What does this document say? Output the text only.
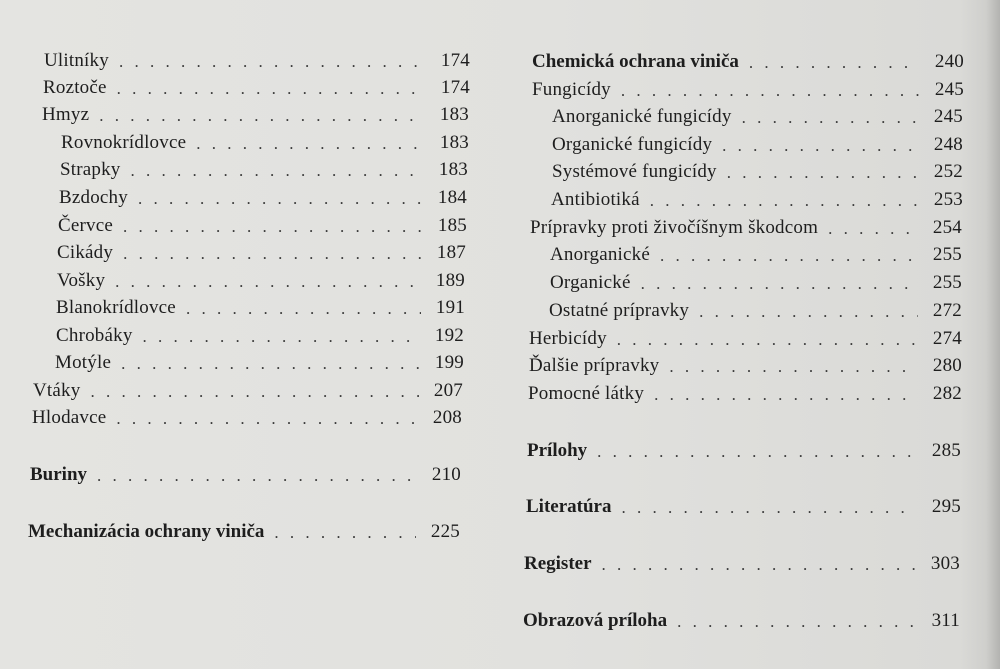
Ulitníky . . .	174
Roztoče . . .	174
Hmyz . . .	183
Rovnokrídlovce . . .	183
Strapky . . .	183
Bzdochy . . .	184
Červce . . .	185
Cikády . . .	187
Vošky . . .	189
Blanokrídlovce . . .	191
Chrobáky . . .	192
Motýle . . .	199
Vtáky . . .	207
Hlodavce . . .	208
Buriny . . .	210
Mechanizácia ochrany viniča . . .	225
Chemická ochrana viniča . . .	240
Fungicídy . . .	245
Anorganické fungicídy . . .	245
Organické fungicídy . . .	248
Systémové fungicídy . . .	252
Antibiotiká . . .	253
Prípravky proti živočíšnym škodcom . . .	254
Anorganické . . .	255
Organické . . .	255
Ostatné prípravky . . .	272
Herbicídy . . .	274
Ďalšie prípravky . . .	280
Pomocné látky . . .	282
Prílohy . . .	285
Literatúra . . .	295
Register . . .	303
Obrazová príloha . . .	311
